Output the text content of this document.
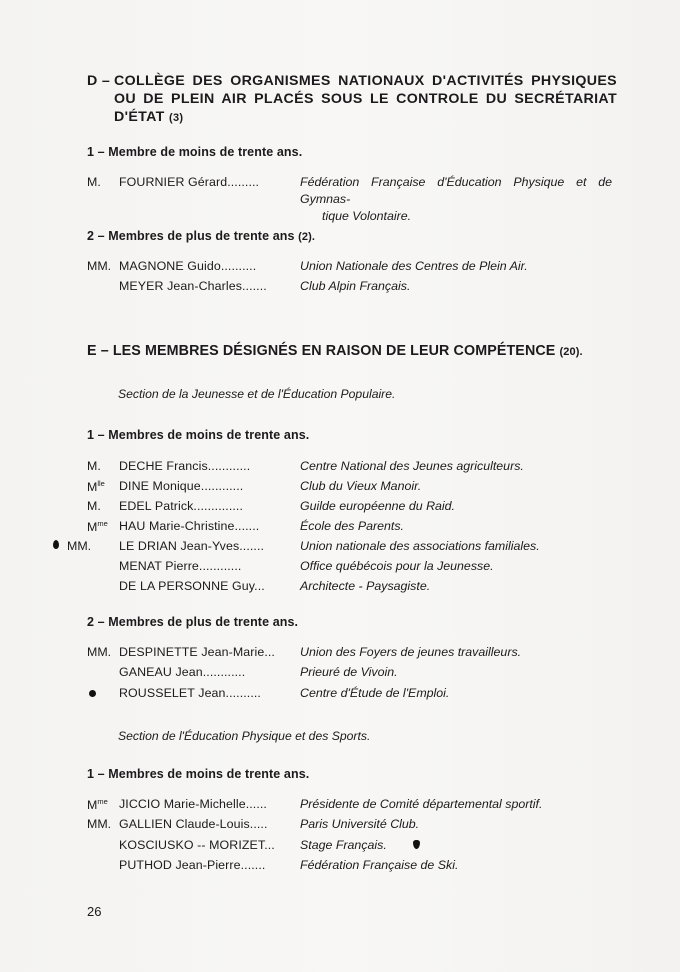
D – COLLÈGE DES ORGANISMES NATIONAUX D'ACTIVITÉS PHYSIQUES OU DE PLEIN AIR PLACÉS SOUS LE CONTROLE DU SECRÉTARIAT D'ÉTAT (3)
1 – Membre de moins de trente ans.
M. FOURNIER Gérard.........	Fédération Française d'Éducation Physique et de Gymnas-
tique Volontaire.
2 – Membres de plus de trente ans (2).
MM. MAGNONE Guido..........	Union Nationale des Centres de Plein Air.
MEYER Jean-Charles.......	Club Alpin Français.
E – LES MEMBRES DÉSIGNÉS EN RAISON DE LEUR COMPÉTENCE (20).
Section de la Jeunesse et de l'Éducation Populaire.
1 – Membres de moins de trente ans.
M. DECHE Francis............	Centre National des Jeunes agriculteurs.
$M^{lle}$ DINE Monique............	Club du Vieux Manoir.
M. EDEL Patrick..............	Guilde européenne du Raid.
$M^{me}$ HAU Marie-Christine.......	École des Parents.
MM. LE DRIAN Jean-Yves.......	Union nationale des associations familiales.
MENAT Pierre............	Office québécois pour la Jeunesse.
DE LA PERSONNE Guy...	Architecte - Paysagiste.
2 – Membres de plus de trente ans.
MM. DESPINETTE Jean-Marie... Union des Foyers de jeunes travailleurs.
GANEAU Jean............	Prieuré de Vivoin.
ROUSSELET Jean..........	Centre d'Étude de l'Emploi.
Section de l'Éducation Physique et des Sports.
1 – Membres de moins de trente ans.
$M^{me}$ JICCIO Marie-Michelle......	Présidente de Comité départemental sportif.
MM. GALLIEN Claude-Louis.....	Paris Université Club.
KOSCIUSKO -- MORIZET... Stage Français.
PUTHOD Jean-Pierre.......	Fédération Française de Ski.
26
